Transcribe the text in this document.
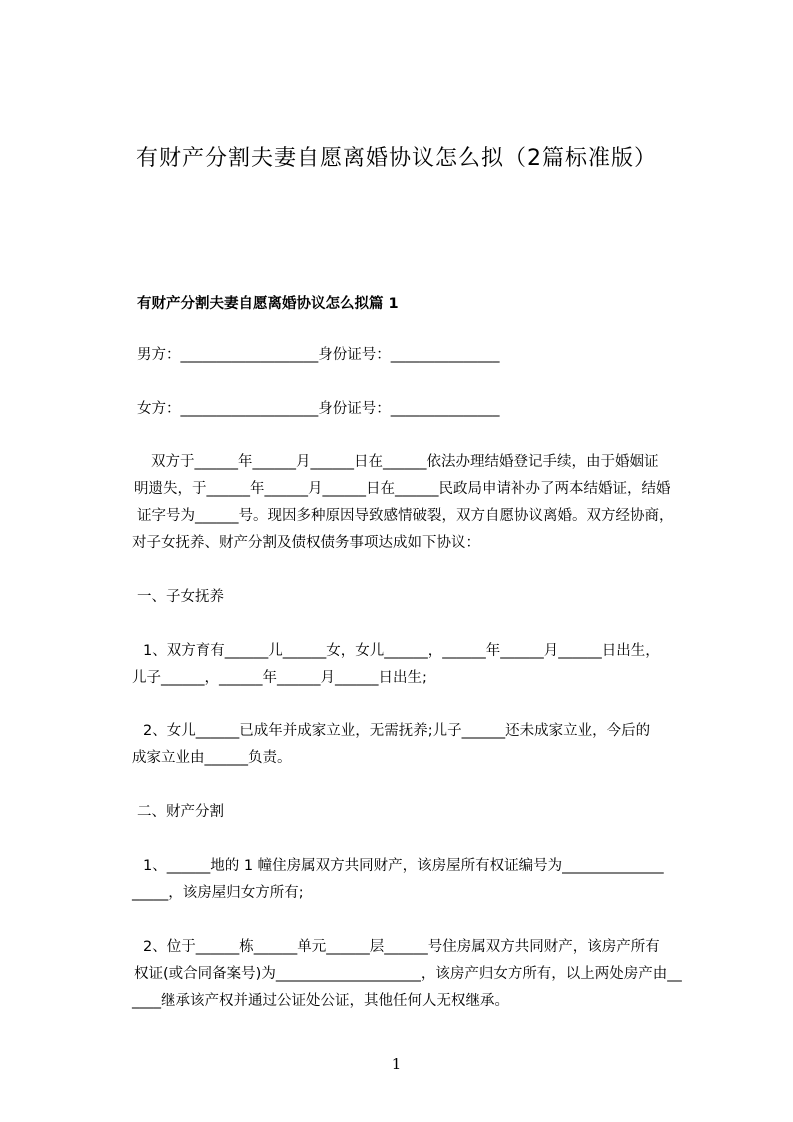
有财产分割夫妻自愿离婚协议怎么拟（2篇标准版）
有财产分割夫妻自愿离婚协议怎么拟篇 1
男方：___________________身份证号：_______________
女方：___________________身份证号：_______________
双方于______年______月______日在______依法办理结婚登记手续，由于婚姻证
明遗失，于______年______月______日在______民政局申请补办了两本结婚证，结婚
证字号为______号。现因多种原因导致感情破裂，双方自愿协议离婚。双方经协商，
对子女抚养、财产分割及债权债务事项达成如下协议：
一、子女抚养
1、双方育有______儿______女，女儿______，______年______月______日出生，
儿子______，______年______月______日出生;
2、女儿______已成年并成家立业，无需抚养;儿子______还未成家立业，今后的
成家立业由______负责。
二、财产分割
1、______地的 1 幢住房属双方共同财产，该房屋所有权证编号为______________
_____，该房屋归女方所有;
2、位于______栋______单元______层______号住房属双方共同财产，该房产所有
权证(或合同备案号)为____________________，该房产归女方所有，以上两处房产由__
____继承该产权并通过公证处公证，其他任何人无权继承。
1
